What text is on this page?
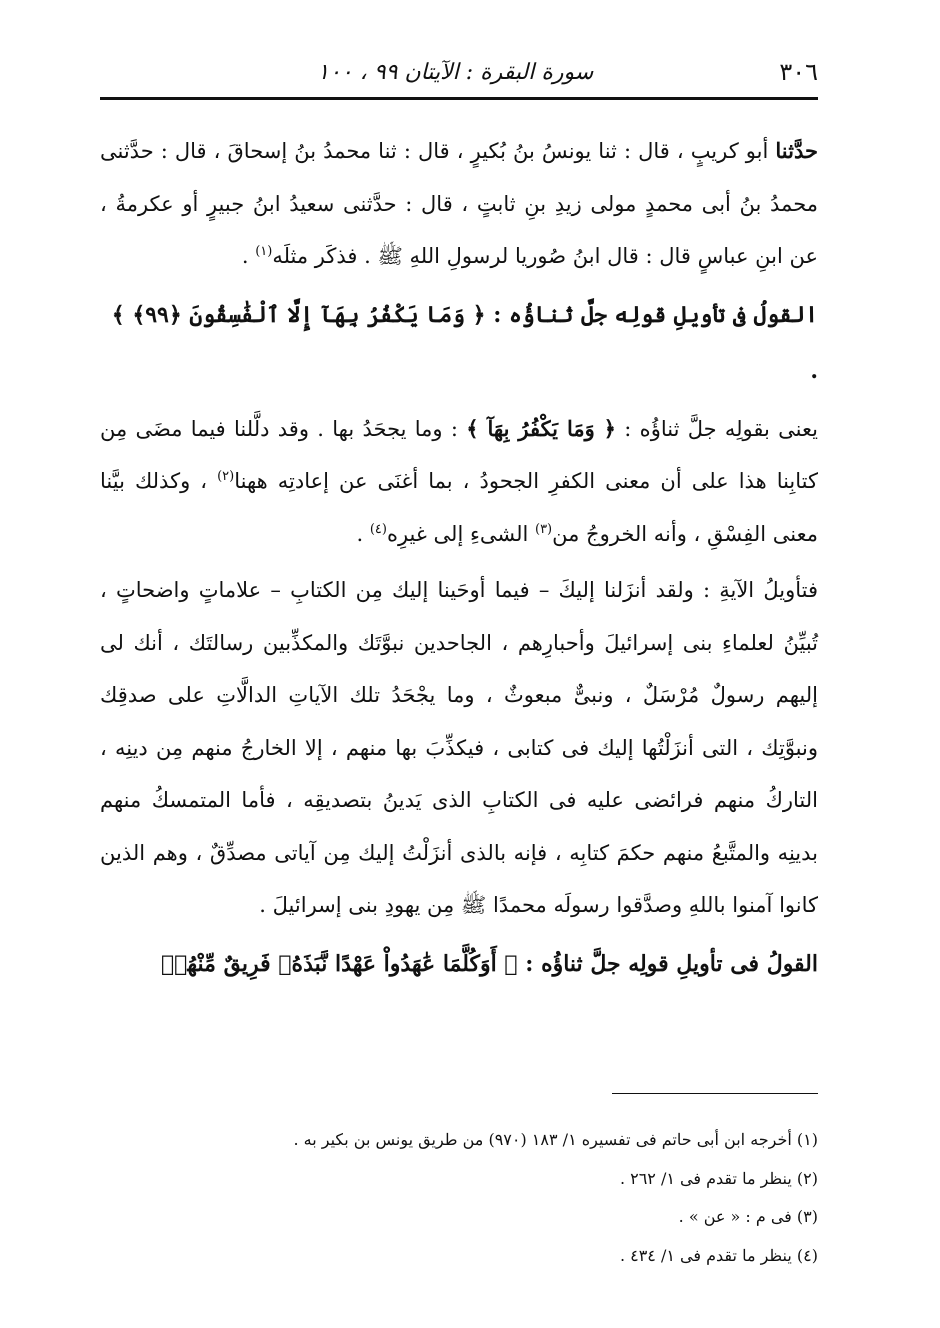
٣٠٦
سورة البقرة : الآيتان ٩٩ ، ١٠٠

حدَّثنا أبو كريبٍ ، قال : ثنا يونسُ بنُ بُكيرٍ ، قال : ثنا محمدُ بنُ إسحاقَ ، قال : حدَّثنى محمدُ بنُ أبى محمدٍ مولى زيدِ بنِ ثابتٍ ، قال : حدَّثنى سعيدُ ابنُ جبيرٍ أو عكرمةُ ، عن ابنِ عباسٍ قال : قال ابنُ صُوريا لرسولِ اللهِ ﷺ . فذكَر مثلَه$^{(١)}$ .

القولُ فى تأويلِ قولِه جلَّ ثناؤُه : ﴿ وَمَا يَكْفُرُ بِهَآ إِلَّا ٱلْفَٰسِقُونَ ﴿٩٩﴾ ﴾ .

يعنى بقولِه جلَّ ثناؤُه : ﴿ وَمَا يَكْفُرُ بِهَآ ﴾ : وما يجحَدُ بها . وقد دلَّلنا فيما مضَى مِن كتابِنا هذا على أن معنى الكفرِ الجحودُ ، بما أغنَى عن إعادتِه ههنا$^{(٢)}$ ، وكذلك بيَّنا معنى الفِسْقِ ، وأنه الخروجُ من$^{(٣)}$ الشىءِ إلى غيرِه$^{(٤)}$ .

فتأويلُ الآيةِ : ولقد أنزَلنا إليكَ – فيما أوحَينا إليك مِن الكتابِ – علاماتٍ واضحاتٍ ، تُبيِّنُ لعلماءِ بنى إسرائيلَ وأحبارِهم ، الجاحدين نبوَّتَك والمكذِّبين رسالتَك ، أنك لى إليهم رسولٌ مُرْسَلٌ ، ونبىٌّ مبعوثٌ ، وما يجْحَدُ تلك الآياتِ الدالَّاتِ على صدقِك ونبوَّتِك ، التى أنزَلْتُها إليك فى كتابى ، فيكذِّبَ بها منهم ، إلا الخارجُ منهم مِن دينِه ، التاركُ منهم فرائضى عليه فى الكتابِ الذى يَدينُ بتصديقِه ، فأما المتمسكُ منهم بدينِه والمتَّبعُ منهم حكمَ كتابِه ، فإنه بالذى أنزَلْتُ إليك مِن آياتى مصدِّقٌ ، وهم الذين كانوا آمنوا باللهِ وصدَّقوا رسولَه محمدًا ﷺ مِن يهودِ بنى إسرائيلَ .

القولُ فى تأويلِ قولِه جلَّ ثناؤُه : ﴿ أَوَكُلَّمَا عَٰهَدُواْ عَهْدًا نَّبَذَهُۥ فَرِيقٌ مِّنْهُمۚ

(١) أخرجه ابن أبى حاتم فى تفسيره ١/ ١٨٣ (٩٧٠) من طريق يونس بن بكير به .

(٢) ينظر ما تقدم فى ١/ ٢٦٢ .

(٣) فى م : « عن » .

(٤) ينظر ما تقدم فى ١/ ٤٣٤ .
